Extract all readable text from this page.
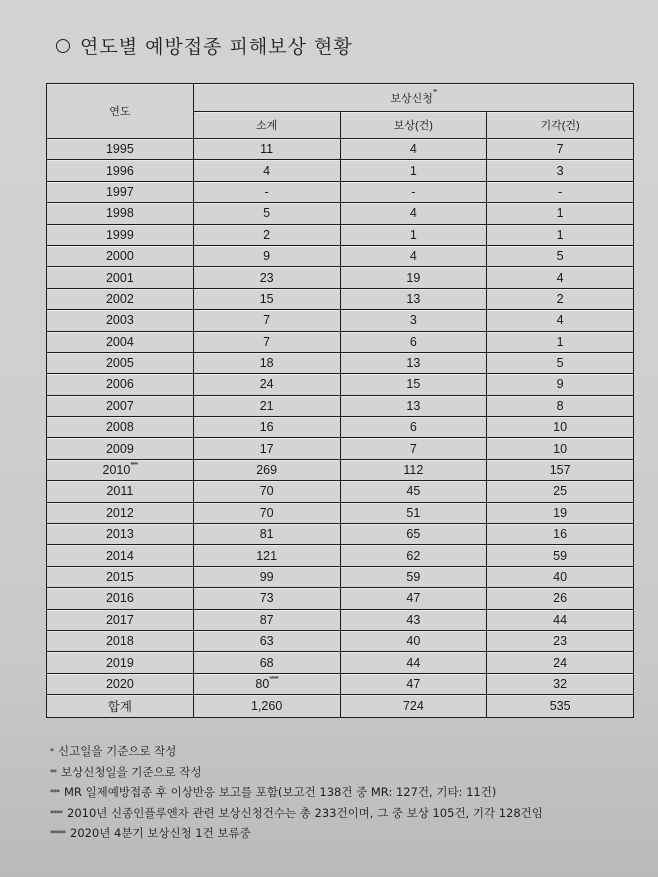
연도별 예방접종 피해보상 현황
연도	보상신청**
	소계	보상(건)	기각(건)
1995	11	4	7
1996	4	1	3
1997	-	-	-
1998	5	4	1
1999	2	1	1
2000	9	4	5
2001	23	19	4
2002	15	13	2
2003	7	3	4
2004	7	6	1
2005	18	13	5
2006	24	15	9
2007	21	13	8
2008	16	6	10
2009	17	7	10
2010****	269	112	157
2011	70	45	25
2012	70	51	19
2013	81	65	16
2014	121	62	59
2015	99	59	40
2016	73	47	26
2017	87	43	44
2018	63	40	23
2019	68	44	24
2020	80*****	47	32
합계	1,260	724	535
* 신고일을 기준으로 작성
** 보상신청일을 기준으로 작성
*** MR 일제예방접종 후 이상반응 보고를 포함(보고건 138건 중 MR: 127건, 기타: 11건)
**** 2010년 신종인플루엔자 관련 보상신청건수는 총 233건이며, 그 중 보상 105건, 기각 128건임
***** 2020년 4분기 보상신청 1건 보류중
